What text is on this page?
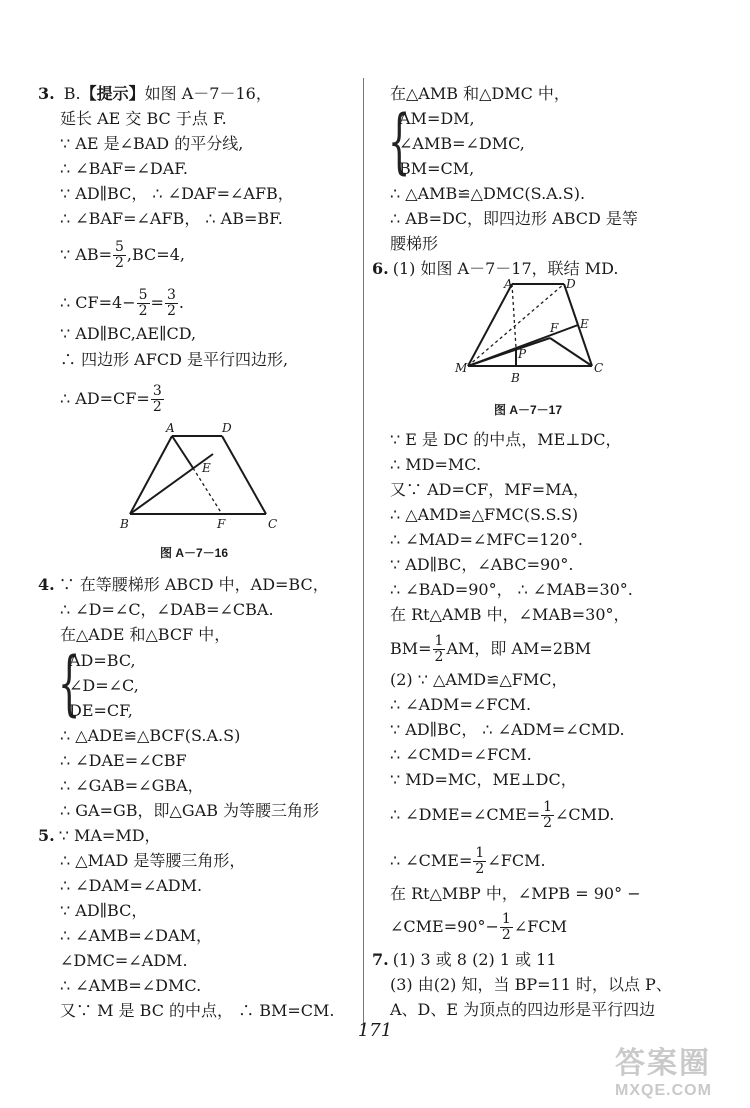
3. B.【提示】如图 A－7－16，
延长 AE 交 BC 于点 F.
∵ AE 是∠BAD 的平分线,
∴ ∠BAF=∠DAF.
∵ AD∥BC， ∴ ∠DAF=∠AFB，
∴ ∠BAF=∠AFB， ∴ AB=BF.
∵ $AB= \frac{5}{2} ,BC=4$,
∴ $CF=4- \frac{5}{2} = \frac{3}{2}$ .
∵ AD∥BC,AE∥CD,
∴ 四边形 AFCD 是平行四边形,
∴ $AD=CF= \frac{3}{2}$
A	D
E
B	F	C
图 A－7－16
4. ∵ 在等腰梯形 ABCD 中，AD=BC，
∴ ∠D=∠C，∠DAB=∠CBA.
在△ADE 和△BCF 中，
{
AD=BC,
∠D=∠C,
DE=CF,
∴ △ADE≌△BCF(S.A.S)
∴ ∠DAE=∠CBF
∴ ∠GAB=∠GBA，
∴ GA=GB，即△GAB 为等腰三角形
5. ∵ MA=MD，
∴ △MAD 是等腰三角形，
∴ ∠DAM=∠ADM.
∵ AD∥BC，
∴ ∠AMB=∠DAM，
∠DMC=∠ADM.
∴ ∠AMB=∠DMC.
又∵ M 是 BC 的中点， ∴ BM=CM.
在△AMB 和△DMC 中，
{
AM=DM,
∠AMB=∠DMC,
BM=CM,
∴ △AMB≌△DMC(S.A.S).
∴ AB=DC，即四边形 ABCD 是等
腰梯形
6. (1) 如图 A－7－17，联结 MD.
A	D
F E
P
M
B
C
图 A－7－17
∵ E 是 DC 的中点，ME⊥DC，
∴ MD=MC.
又∵ AD=CF，MF=MA，
∴ △AMD≌△FMC(S.S.S)
∴ ∠MAD=∠MFC=120°.
∵ AD∥BC，∠ABC=90°.
∴ ∠BAD=90°， ∴ ∠MAB=30°.
在 Rt△AMB 中，∠MAB=30°，
$BM= \frac{1}{2}$ AM，即 AM=2BM
(2) ∵ △AMD≌△FMC，
∴ ∠ADM=∠FCM.
∵ AD∥BC， ∴ ∠ADM=∠CMD.
∴ ∠CMD=∠FCM.
∵ MD=MC，ME⊥DC，
∴ ∠DME=∠CME= $\frac{1}{2}$ ∠CMD.
∴ ∠CME= $\frac{1}{2}$ ∠FCM.
在 Rt△MBP 中，∠MPB = 90° −
∠CME=90°− $\frac{1}{2}$ ∠FCM
7. (1) 3 或 8 (2) 1 或 11
(3) 由(2) 知，当 BP=11 时，以点 P、
A、D、E 为顶点的四边形是平行四边
171
答案圈
MXQE.COM
